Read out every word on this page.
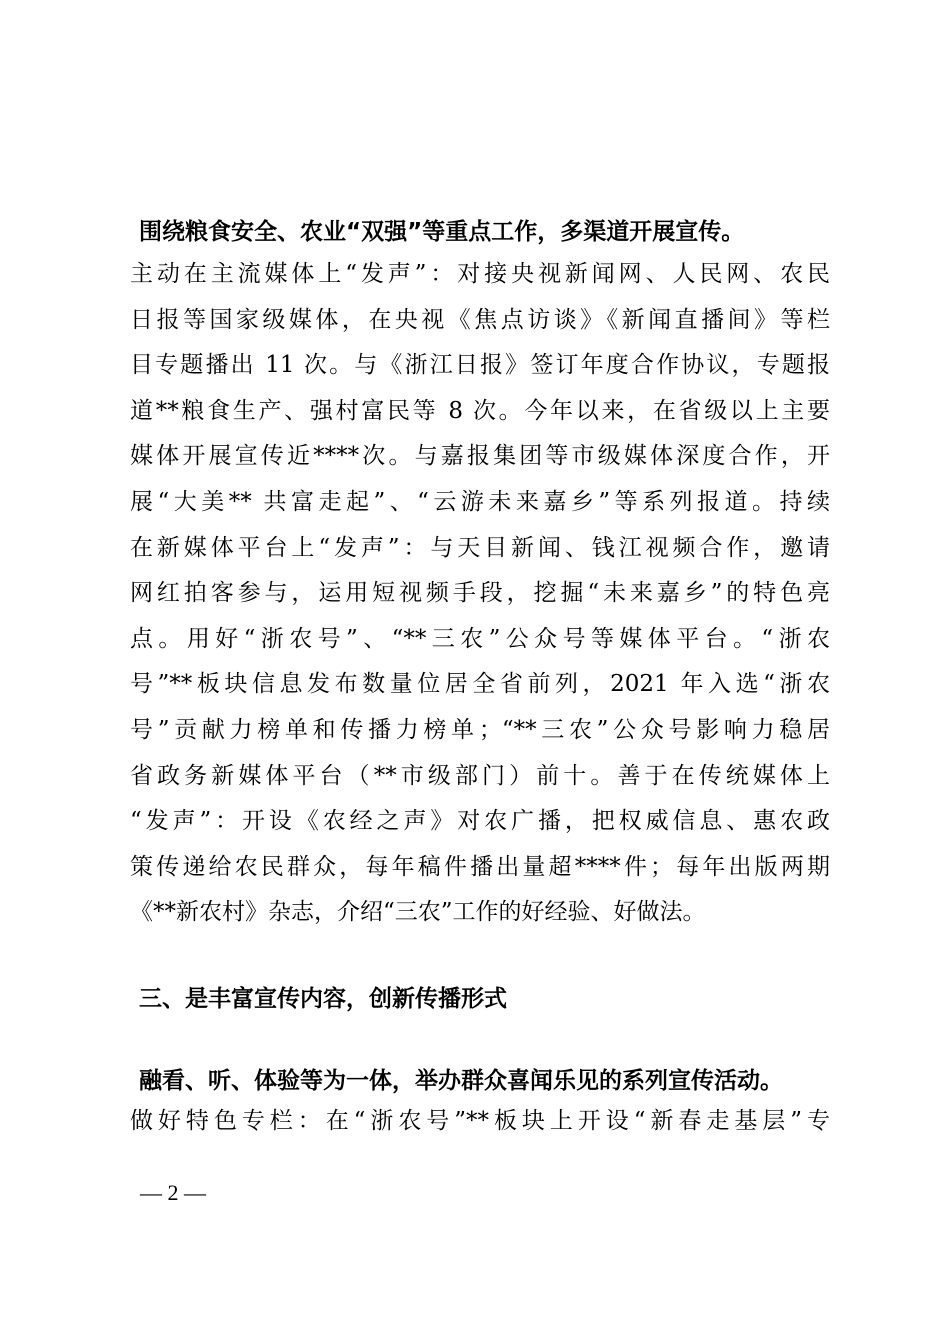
围绕粮食安全、农业“双强”等重点工作，多渠道开展宣传。
主动在主流媒体上“发声”：对接央视新闻网、人民网、农民
日报等国家级媒体，在央视《焦点访谈》《新闻直播间》等栏
目专题播出 11 次。与《浙江日报》签订年度合作协议，专题报
道**粮食生产、强村富民等 8 次。今年以来，在省级以上主要
媒体开展宣传近****次。与嘉报集团等市级媒体深度合作，开
展“大美** 共富走起”、“云游未来嘉乡”等系列报道。持续
在新媒体平台上“发声”：与天目新闻、钱江视频合作，邀请
网红拍客参与，运用短视频手段，挖掘“未来嘉乡”的特色亮
点。用好“浙农号”、“**三农”公众号等媒体平台。“浙农
号”**板块信息发布数量位居全省前列，2021 年入选“浙农
号”贡献力榜单和传播力榜单；“**三农”公众号影响力稳居
省政务新媒体平台（**市级部门）前十。善于在传统媒体上
“发声”：开设《农经之声》对农广播，把权威信息、惠农政
策传递给农民群众，每年稿件播出量超****件；每年出版两期
《**新农村》杂志，介绍“三农”工作的好经验、好做法。
三、是丰富宣传内容，创新传播形式
融看、听、体验等为一体，举办群众喜闻乐见的系列宣传活动。
做好特色专栏：在“浙农号”**板块上开设“新春走基层”专
— 2 —
